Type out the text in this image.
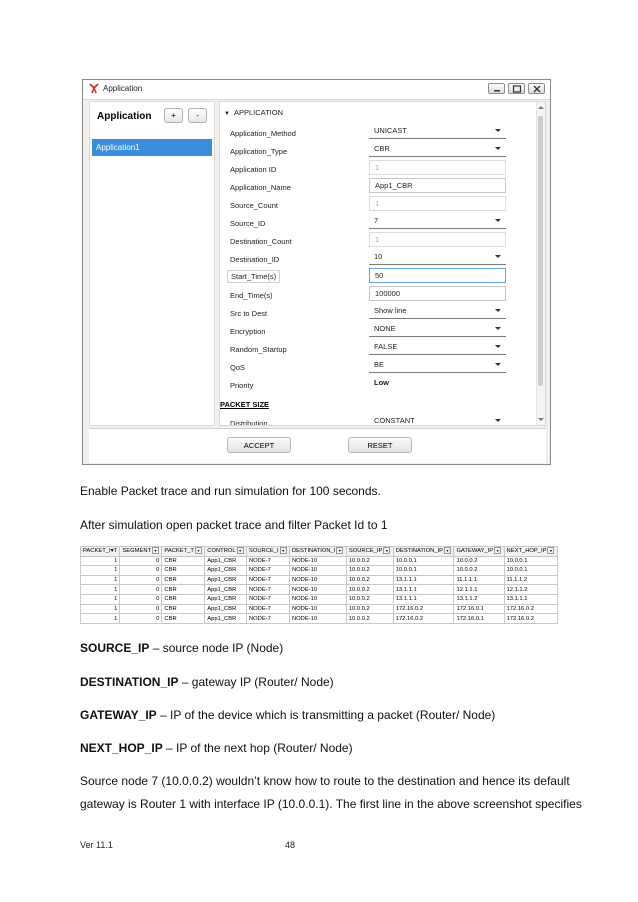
Application
Application	+	-
Application1
▼ APPLICATION
Application_Method	UNICAST
Application_Type	CBR
Application ID	1
Application_Name	App1_CBR
Source_Count	1
Source_ID	7
Destination_Count	1
Destination_ID	10
Start_Time(s)	50
End_Time(s)	100000
Src to Dest	Show line
Encryption	NONE
Random_Startup	FALSE
QoS	BE
Priority	Low
PACKET SIZE
Distribution	CONSTANT
ACCEPT	RESET
Enable Packet trace and run simulation for 100 seconds.
After simulation open packet trace and filter Packet Id to 1
PACKET_I▾T	SEGMENT ▾	PACKET_T ▾	CONTROL ▾	SOURCE_I ▾	DESTINATION_I ▾	SOURCE_IP ▾	DESTINATION_IP ▾	GATEWAY_IP ▾	NEXT_HOP_IP ▾
1	0	CBR	App1_CBR	NODE-7	NODE-10	10.0.0.2	10.0.0.1	10.0.0.2	10.0.0.1
1	0	CBR	App1_CBR	NODE-7	NODE-10	10.0.0.2	10.0.0.1	10.0.0.2	10.0.0.1
1	0	CBR	App1_CBR	NODE-7	NODE-10	10.0.0.2	13.1.1.1	11.1.1.1	11.1.1.2
1	0	CBR	App1_CBR	NODE-7	NODE-10	10.0.0.2	13.1.1.1	12.1.1.1	12.1.1.2
1	0	CBR	App1_CBR	NODE-7	NODE-10	10.0.0.2	13.1.1.1	13.1.1.2	13.1.1.1
1	0	CBR	App1_CBR	NODE-7	NODE-10	10.0.0.2	172.16.0.2	172.16.0.1	172.16.0.2
1	0	CBR	App1_CBR	NODE-7	NODE-10	10.0.0.2	172.16.0.2	172.16.0.1	172.16.0.2
SOURCE_IP – source node IP (Node)
DESTINATION_IP – gateway IP (Router/ Node)
GATEWAY_IP – IP of the device which is transmitting a packet (Router/ Node)
NEXT_HOP_IP – IP of the next hop (Router/ Node)
Source node 7 (10.0.0.2) wouldn’t know how to route to the destination and hence its default
gateway is Router 1 with interface IP (10.0.0.1). The first line in the above screenshot specifies
Ver 11.1	48
